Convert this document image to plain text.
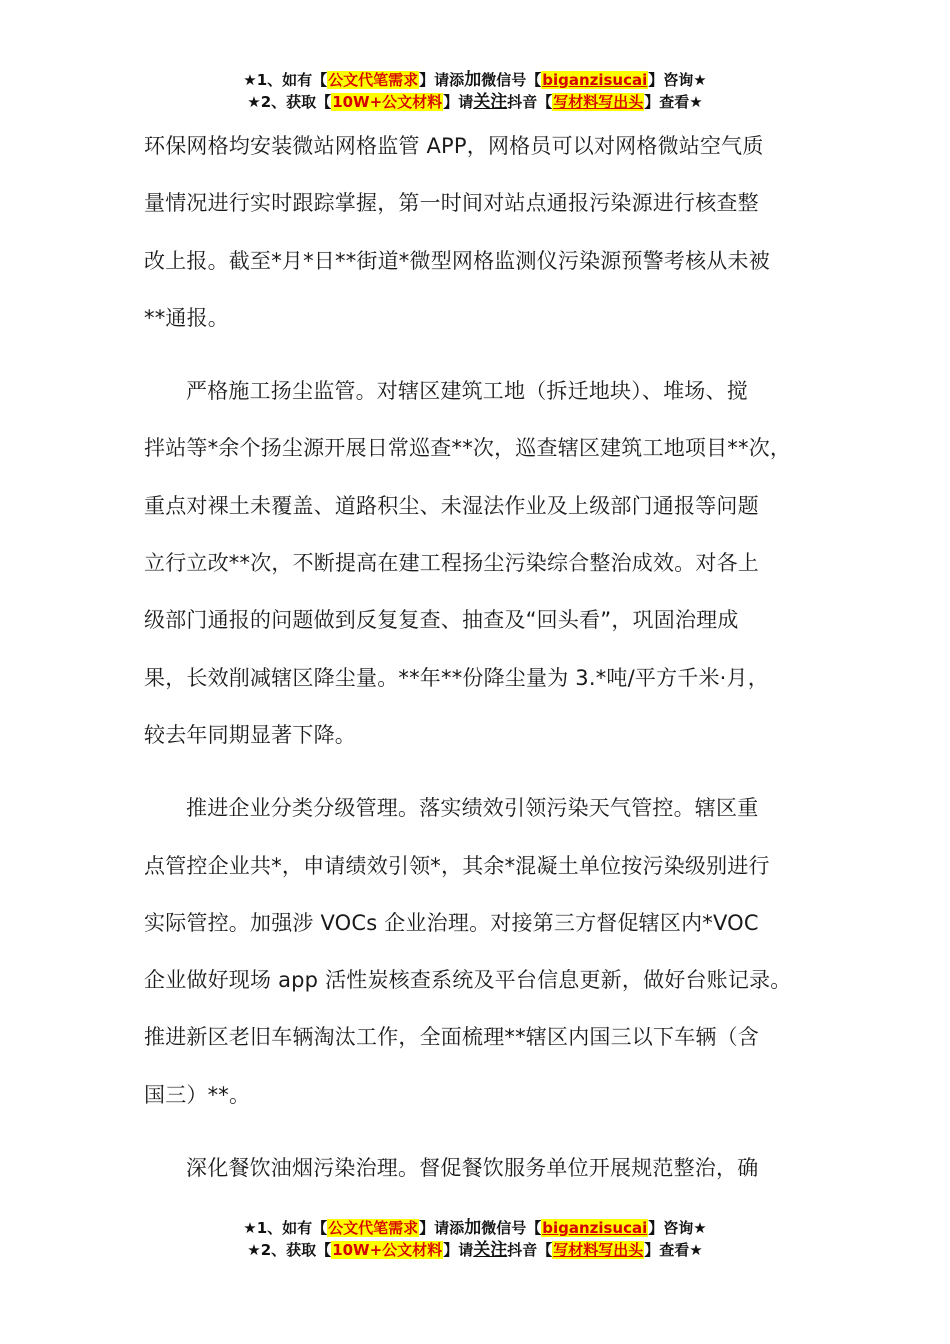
★1、如有【公文代笔需求】请添加微信号【biganzisucai】咨询★
★2、获取【10W+公文材料】请关注抖音【写材料写出头】查看★
环保网格均安装微站网格监管 APP，网格员可以对网格微站空气质
量情况进行实时跟踪掌握，第一时间对站点通报污染源进行核查整
改上报。截至*月*日**街道*微型网格监测仪污染源预警考核从未被
**通报。
严格施工扬尘监管。对辖区建筑工地（拆迁地块）、堆场、搅
拌站等*余个扬尘源开展日常巡查**次，巡查辖区建筑工地项目**次，
重点对裸土未覆盖、道路积尘、未湿法作业及上级部门通报等问题
立行立改**次，不断提高在建工程扬尘污染综合整治成效。对各上
级部门通报的问题做到反复复查、抽查及“回头看”，巩固治理成
果，长效削减辖区降尘量。**年**份降尘量为 3.*吨/平方千米·月，
较去年同期显著下降。
推进企业分类分级管理。落实绩效引领污染天气管控。辖区重
点管控企业共*，申请绩效引领*，其余*混凝土单位按污染级别进行
实际管控。加强涉 VOCs 企业治理。对接第三方督促辖区内*VOC
企业做好现场 app 活性炭核查系统及平台信息更新，做好台账记录。
推进新区老旧车辆淘汰工作，全面梳理**辖区内国三以下车辆（含
国三）**。
深化餐饮油烟污染治理。督促餐饮服务单位开展规范整治，确
★1、如有【公文代笔需求】请添加微信号【biganzisucai】咨询★
★2、获取【10W+公文材料】请关注抖音【写材料写出头】查看★
